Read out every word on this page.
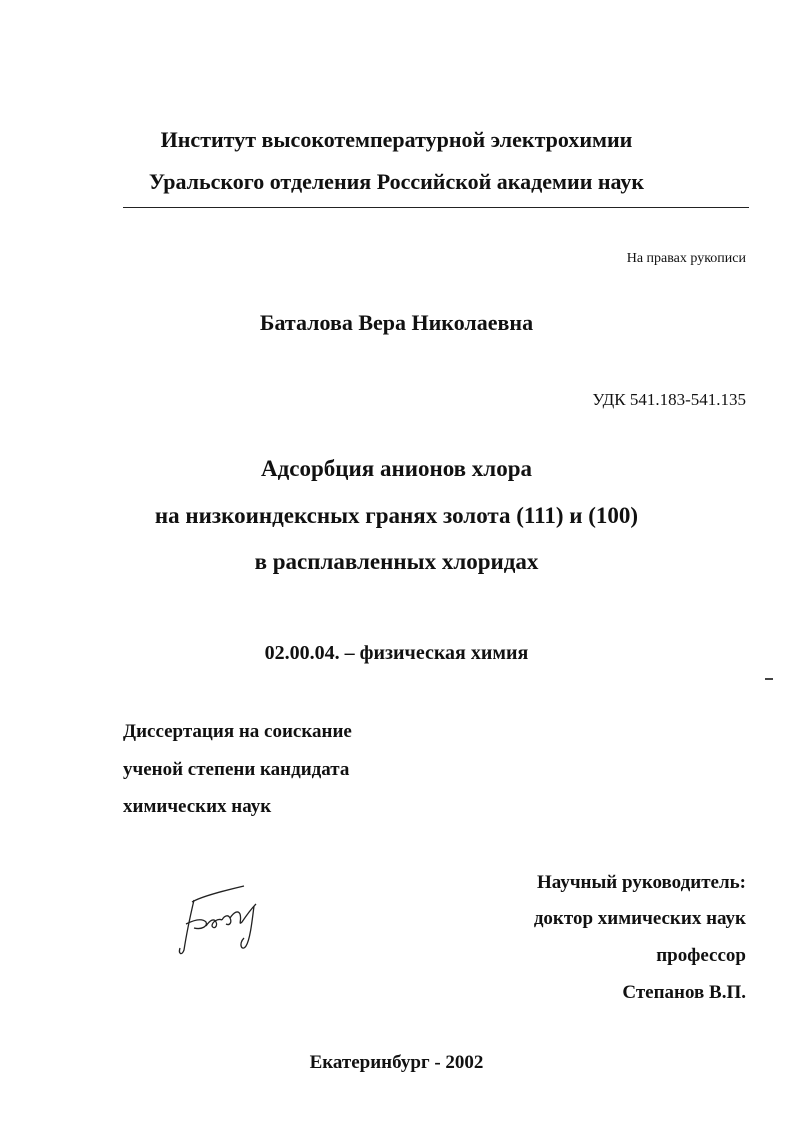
Институт высокотемпературной электрохимии
Уральского отделения Российской академии наук
На правах рукописи
Баталова Вера Николаевна
УДК 541.183-541.135
Адсорбция анионов хлора
на низкоиндексных гранях золота (111) и (100)
в расплавленных хлоридах
02.00.04. – физическая химия
Диссертация на соискание
ученой степени кандидата
химических наук
Научный руководитель:
доктор химических наук
профессор
Степанов В.П.
Екатеринбург - 2002
